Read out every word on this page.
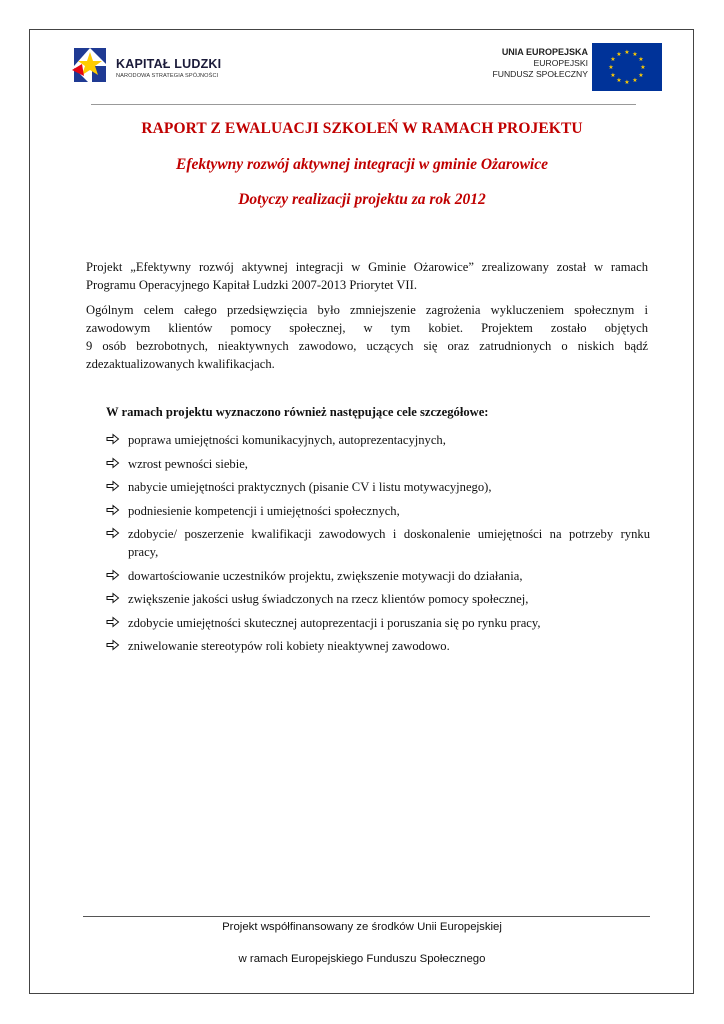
KAPITAŁ LUDZKI
NARODOWA STRATEGIA SPÓJNOŚCI
UNIA EUROPEJSKA
EUROPEJSKI
FUNDUSZ SPOŁECZNY
★ ★
★
★
★
★
★
★
★
★
★
★
RAPORT Z EWALUACJI SZKOLEŃ W RAMACH PROJEKTU
Efektywny rozwój aktywnej integracji w gminie Ożarowice
Dotyczy realizacji projektu za rok 2012
Projekt „Efektywny rozwój aktywnej integracji w Gminie Ożarowice” zrealizowany został w ramach
Programu Operacyjnego Kapitał Ludzki 2007-2013 Priorytet VII.
Ogólnym celem całego przedsięwzięcia było zmniejszenie zagrożenia wykluczeniem społecznym i
zawodowym klientów pomocy społecznej, w tym kobiet. Projektem zostało objętych
9 osób bezrobotnych, nieaktywnych zawodowo, uczących się oraz zatrudnionych o niskich bądź
zdezaktualizowanych kwalifikacjach.
W ramach projektu wyznaczono również następujące cele szczegółowe:
poprawa umiejętności komunikacyjnych, autoprezentacyjnych,
wzrost pewności siebie,
nabycie umiejętności praktycznych (pisanie CV i listu motywacyjnego),
podniesienie kompetencji i umiejętności społecznych,
zdobycie/ poszerzenie kwalifikacji zawodowych i doskonalenie umiejętności na potrzeby rynku
pracy,
dowartościowanie uczestników projektu, zwiększenie motywacji do działania,
zwiększenie jakości usług świadczonych na rzecz klientów pomocy społecznej,
zdobycie umiejętności skutecznej autoprezentacji i poruszania się po rynku pracy,
zniwelowanie stereotypów roli kobiety nieaktywnej zawodowo.
Projekt współfinansowany ze środków Unii Europejskiej
w ramach Europejskiego Funduszu Społecznego
